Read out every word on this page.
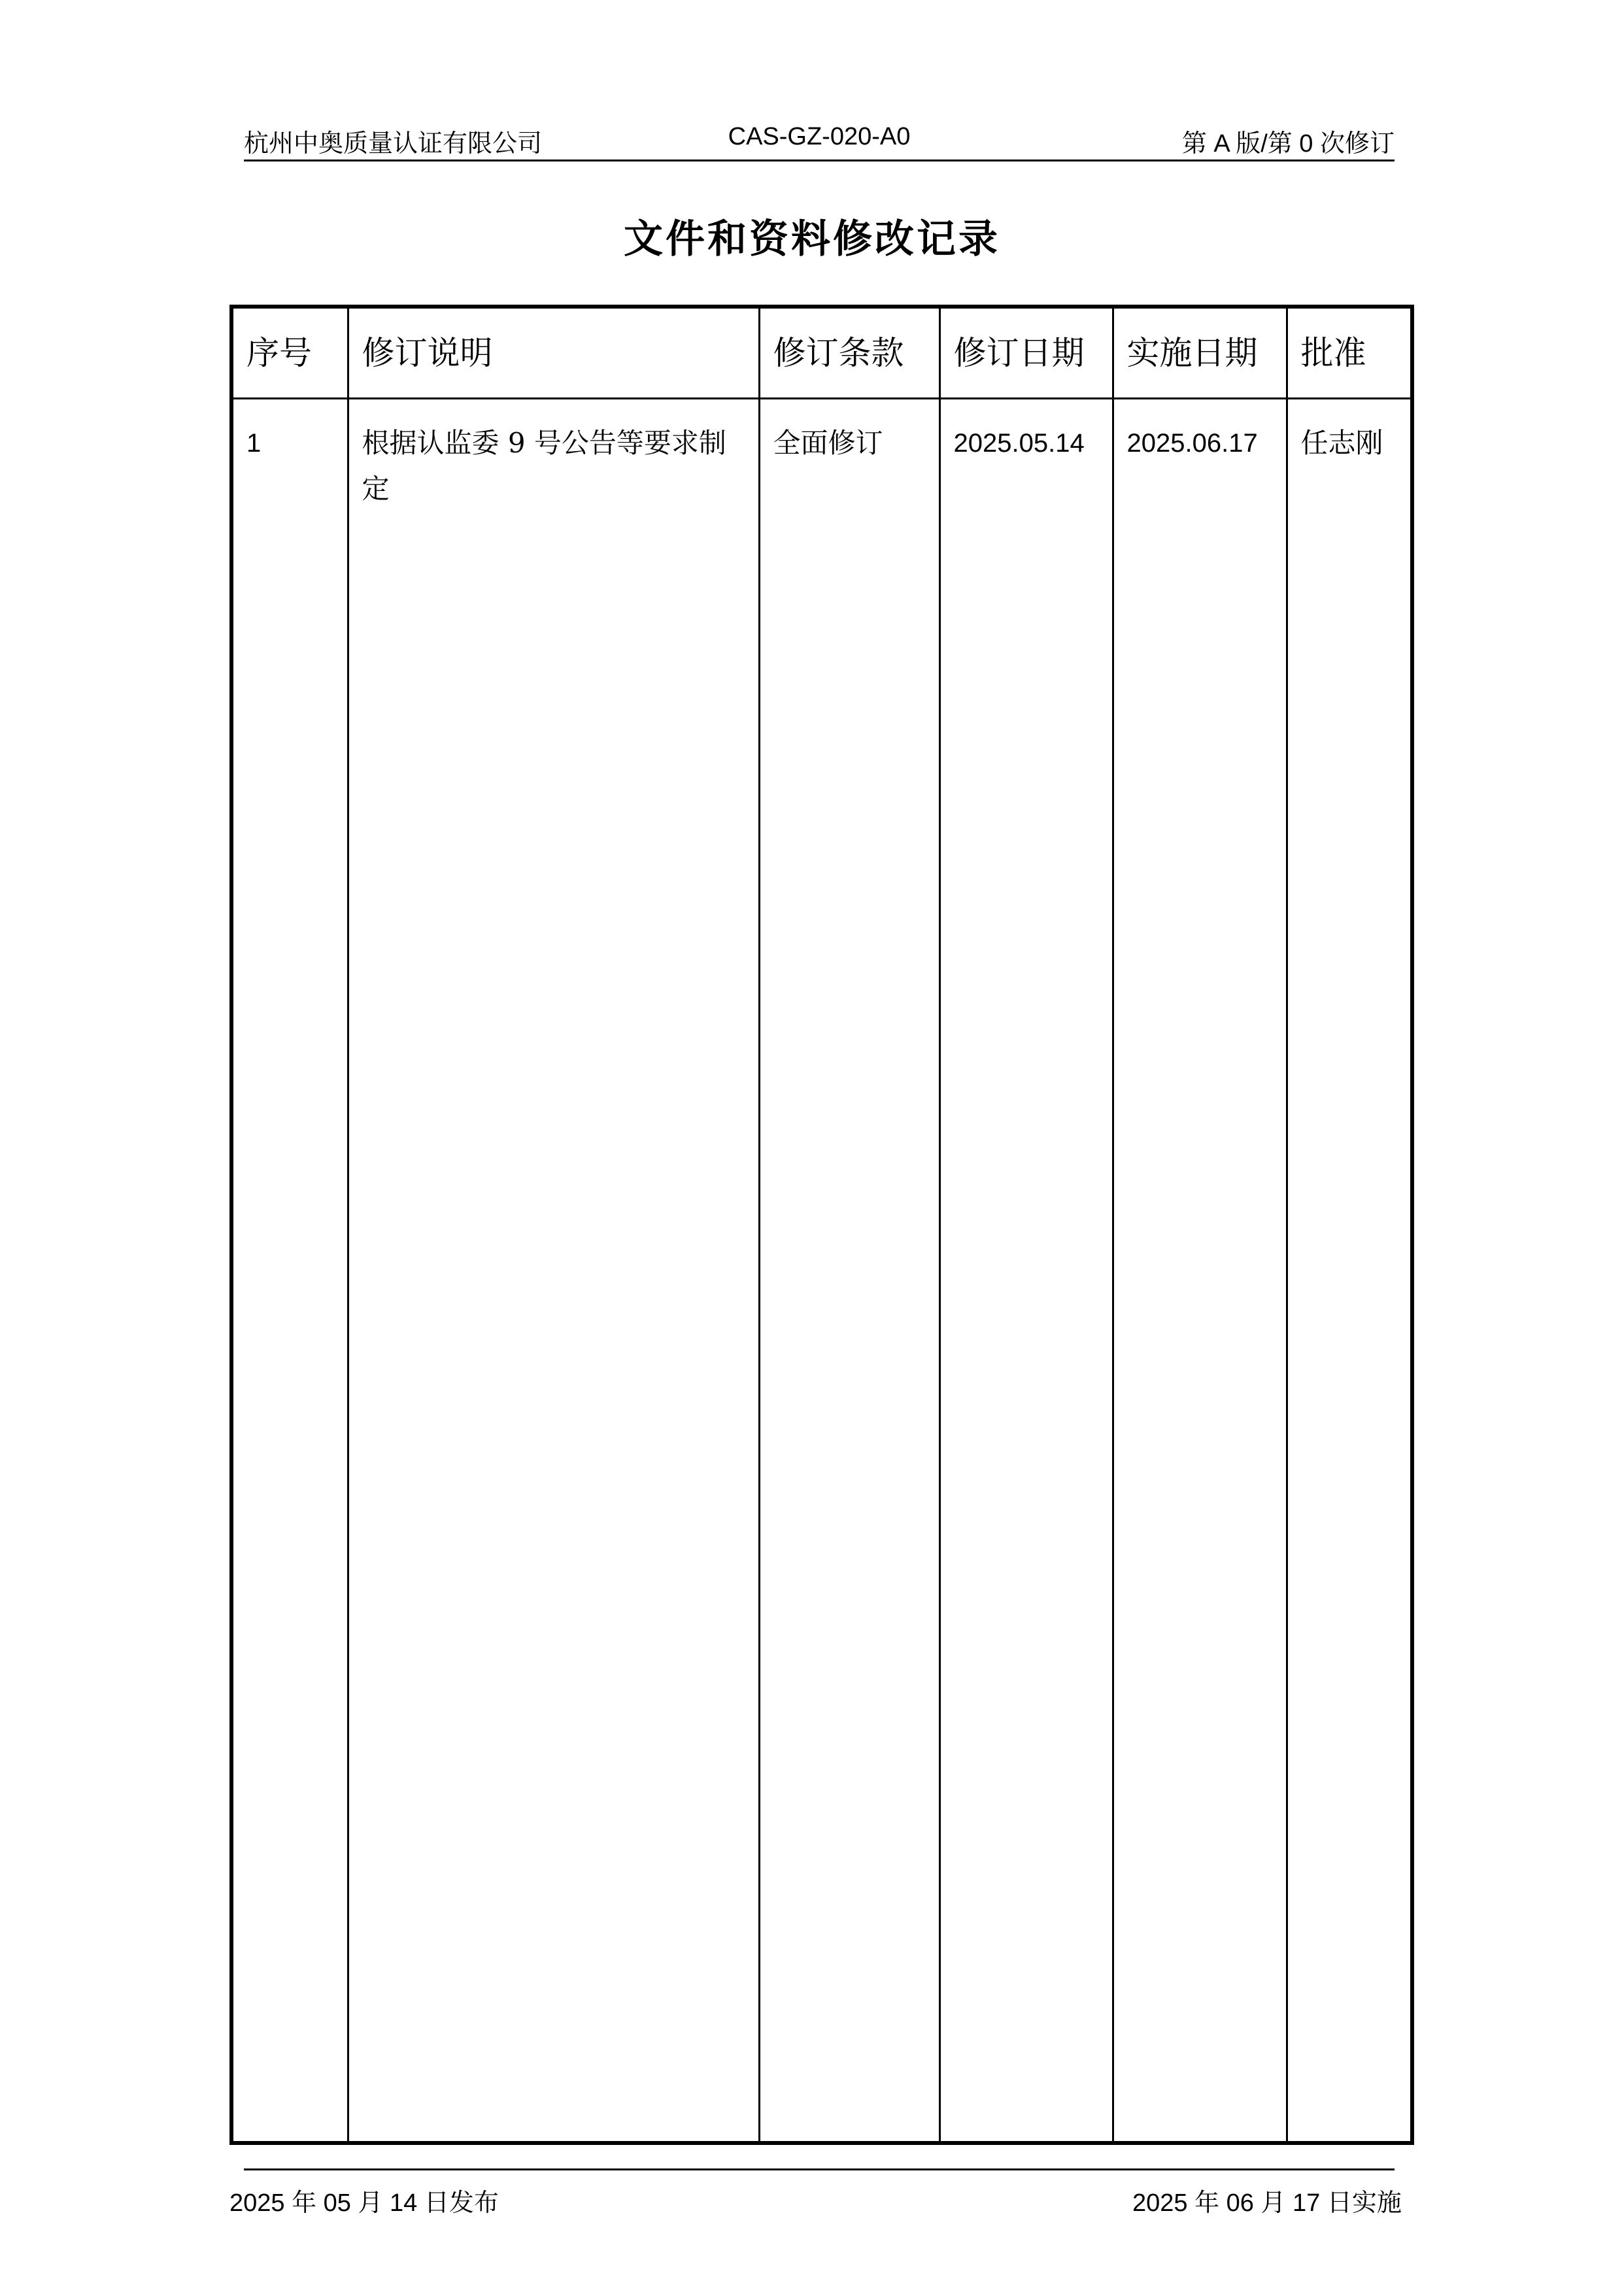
杭州中奥质量认证有限公司	CAS-GZ-020-A0	第 A 版/第 0 次修订
文件和资料修改记录
序号	修订说明	修订条款	修订日期	实施日期	批准
1	根据认监委 9 号公告等要求制定	全面修订	2025.05.14	2025.06.17	任志刚
2025 年 05 月 14 日发布	2025 年 06 月 17 日实施
